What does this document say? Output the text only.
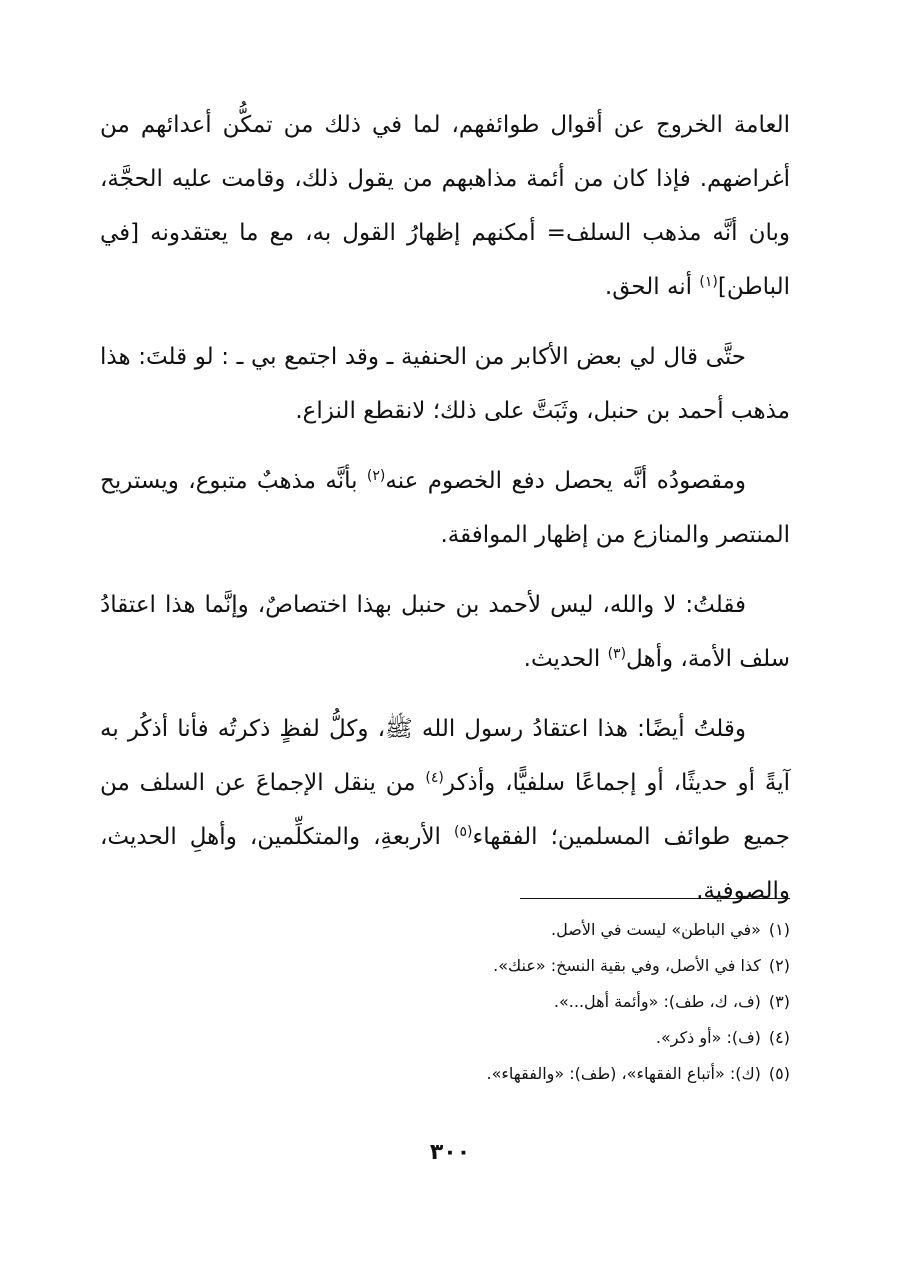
العامة الخروج عن أقوال طوائفهم، لما في ذلك من تمكُّن أعدائهم من أغراضهم. فإذا كان من أئمة مذاهبهم من يقول ذلك، وقامت عليه الحجَّة، وبان أنَّه مذهب السلف= أمكنهم إظهارُ القول به، مع ما يعتقدونه [في الباطن]$^{(١)}$ أنه الحق.

حتَّى قال لي بعض الأكابر من الحنفية ـ وقد اجتمع بي ـ : لو قلتَ: هذا مذهب أحمد بن حنبل، وثَبَتَّ على ذلك؛ لانقطع النزاع.

ومقصودُه أنَّه يحصل دفع الخصوم عنه$^{(٢)}$ بأنَّه مذهبٌ متبوع، ويستريح المنتصر والمنازع من إظهار الموافقة.

فقلتُ: لا والله، ليس لأحمد بن حنبل بهذا اختصاصٌ، وإنَّما هذا اعتقادُ سلف الأمة، وأهل$^{(٣)}$ الحديث.

وقلتُ أيضًا: هذا اعتقادُ رسول الله ﷺ، وكلُّ لفظٍ ذكرتُه فأنا أذكُر به آيةً أو حديثًا، أو إجماعًا سلفيًّا، وأذكر$^{(٤)}$ من ينقل الإجماعَ عن السلف من جميع طوائف المسلمين؛ الفقهاء$^{(٥)}$ الأربعةِ، والمتكلِّمين، وأهلِ الحديث، والصوفية.

(١)«في الباطن» ليست في الأصل.
(٢)كذا في الأصل، وفي بقية النسخ: «عنك».
(٣)(ف، ك، طف): «وأئمة أهل...».
(٤)(ف): «أو ذكر».
(٥)(ك): «أتباع الفقهاء»، (طف): «والفقهاء».
٣٠٠
